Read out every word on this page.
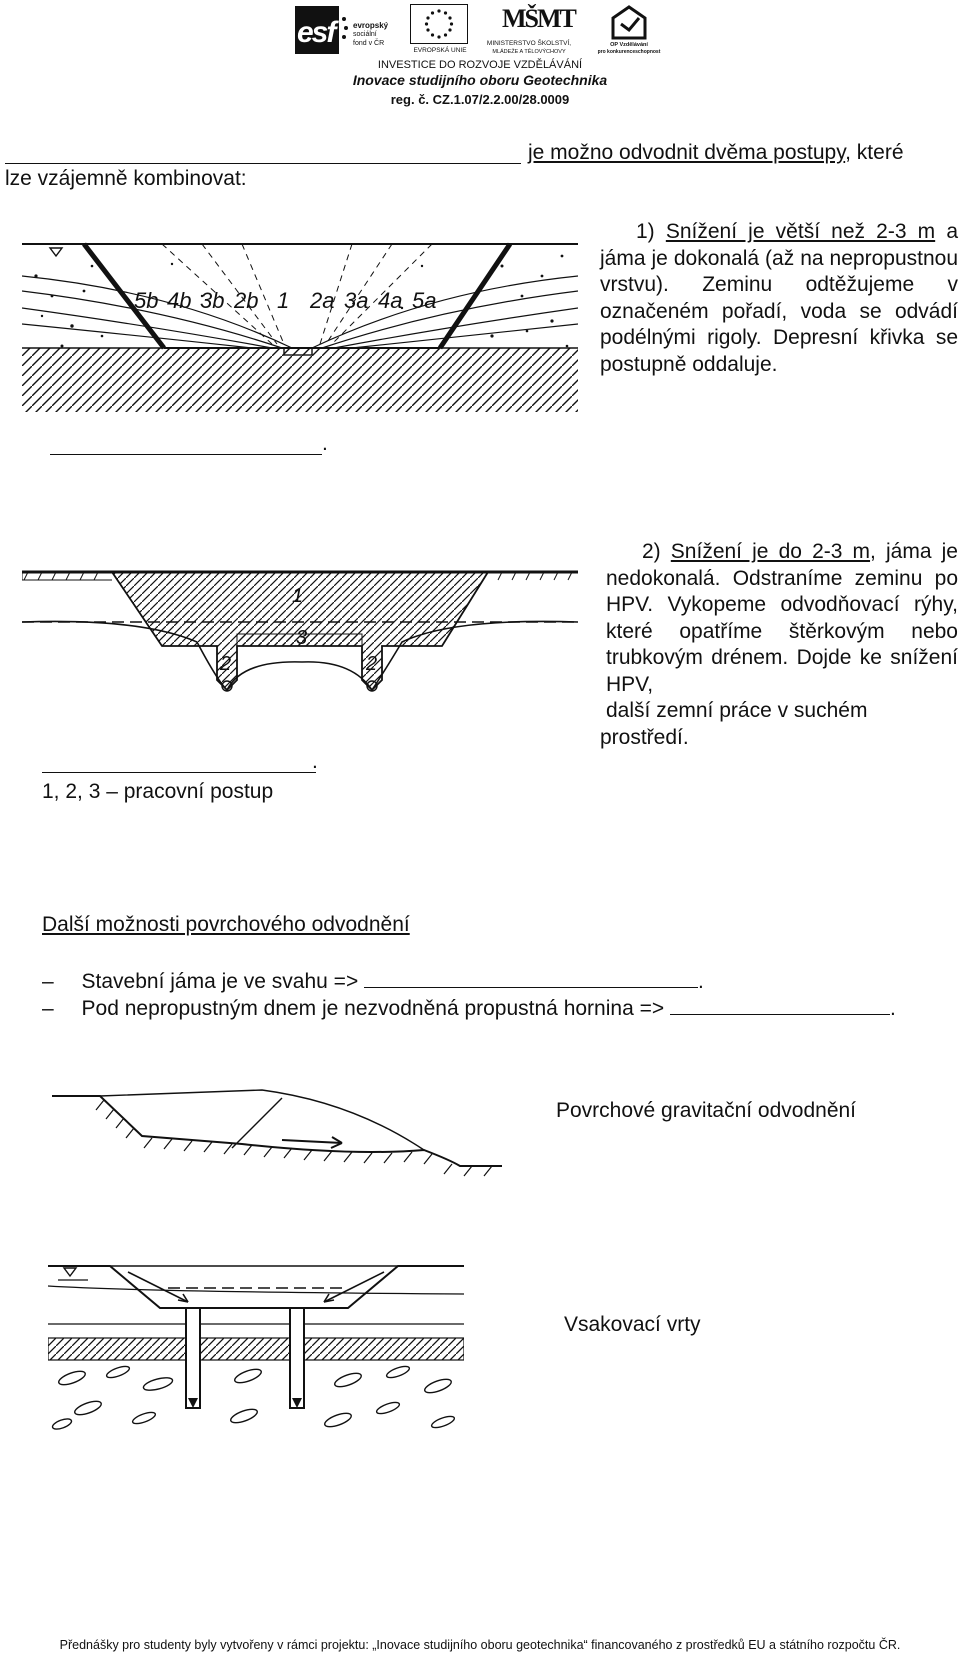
esf evropský
sociální
fond v ČR
EVROPSKÁ UNIE
MŠMT
MINISTERSTVO ŠKOLSTVÍ,
MLÁDEŽE A TĚLOVÝCHOVY
OP Vzdělávání
pro konkurenceschopnost
INVESTICE DO ROZVOJE VZDĚLÁVÁNÍ
Inovace studijního oboru Geotechnika
reg. č. CZ.1.07/2.2.00/28.0009
je možno odvodnit dvěma postupy, které
lze vzájemně kombinovat:
5b 4b 3b 2b 1 2a 3a 4a 5a
1) Snížení je větší než 2-3 m a jáma je dokonalá (až na nepropustnou vrstvu). Zeminu odtěžujeme v označeném pořadí, voda se odvádí podélnými rigoly. Depresní křivka se postupně oddaluje.
.
1
2
3
2
2) Snížení je do 2-3 m, jáma je nedokonalá. Odstraníme zeminu po HPV. Vykopeme odvodňovací rýhy, které opatříme štěrkovým nebo trubkovým drénem. Dojde ke snížení HPV,
další zemní práce v suchém
prostředí.
.
1, 2, 3 – pracovní postup
Další možnosti povrchového odvodnění
– Stavební jáma je ve svahu =>	.
– Pod nepropustným dnem je nezvodněná propustná hornina =>	.
Povrchové gravitační odvodnění
Vsakovací vrty
Přednášky pro studenty byly vytvořeny v rámci projektu: „Inovace studijního oboru geotechnika“ financovaného z prostředků EU a státního rozpočtu ČR.
